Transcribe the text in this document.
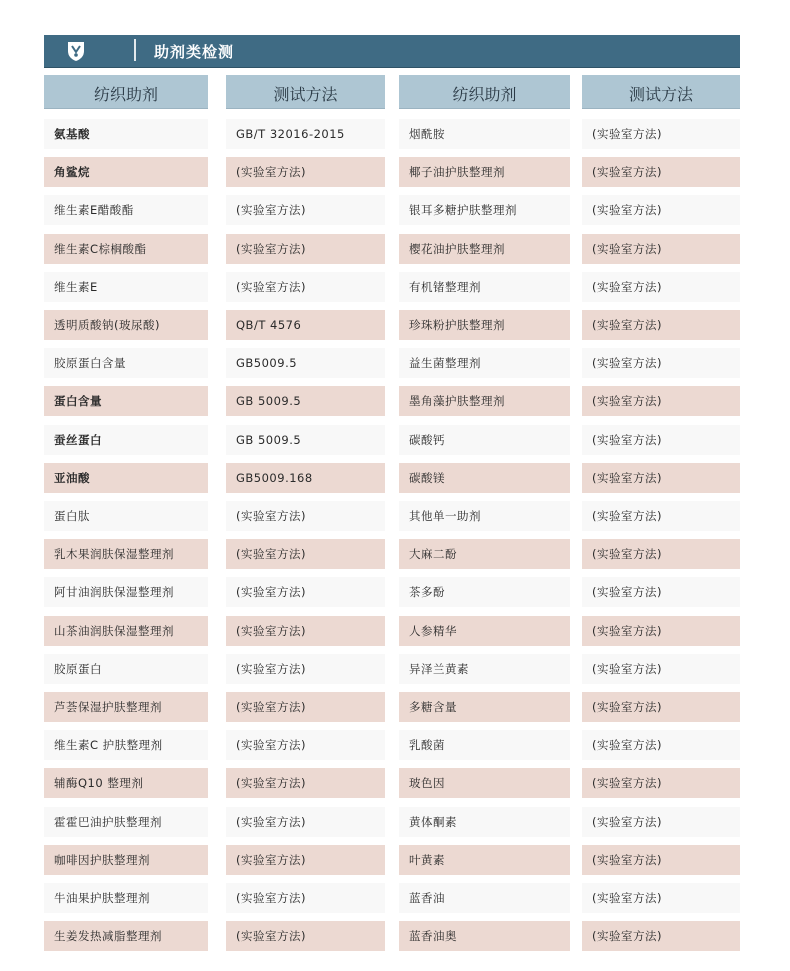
助剂类检测
纺织助剂
氨基酸
角鲨烷
维生素E醋酸酯
维生素C棕榈酸酯
维生素E
透明质酸钠(玻尿酸)
胶原蛋白含量
蛋白含量
蚕丝蛋白
亚油酸
蛋白肽
乳木果润肤保湿整理剂
阿甘油润肤保湿整理剂
山茶油润肤保湿整理剂
胶原蛋白
芦荟保湿护肤整理剂
维生素C 护肤整理剂
辅酶Q10 整理剂
霍霍巴油护肤整理剂
咖啡因护肤整理剂
牛油果护肤整理剂
生姜发热减脂整理剂
测试方法
GB/T 32016-2015
(实验室方法)
(实验室方法)
(实验室方法)
(实验室方法)
QB/T 4576
GB5009.5
GB 5009.5
GB 5009.5
GB5009.168
(实验室方法)
(实验室方法)
(实验室方法)
(实验室方法)
(实验室方法)
(实验室方法)
(实验室方法)
(实验室方法)
(实验室方法)
(实验室方法)
(实验室方法)
(实验室方法)
纺织助剂
烟酰胺
椰子油护肤整理剂
银耳多糖护肤整理剂
樱花油护肤整理剂
有机锗整理剂
珍珠粉护肤整理剂
益生菌整理剂
墨角藻护肤整理剂
碳酸钙
碳酸镁
其他单一助剂
大麻二酚
茶多酚
人参精华
异泽兰黄素
多糖含量
乳酸菌
玻色因
黄体酮素
叶黄素
蓝香油
蓝香油奥
测试方法
(实验室方法)
(实验室方法)
(实验室方法)
(实验室方法)
(实验室方法)
(实验室方法)
(实验室方法)
(实验室方法)
(实验室方法)
(实验室方法)
(实验室方法)
(实验室方法)
(实验室方法)
(实验室方法)
(实验室方法)
(实验室方法)
(实验室方法)
(实验室方法)
(实验室方法)
(实验室方法)
(实验室方法)
(实验室方法)
